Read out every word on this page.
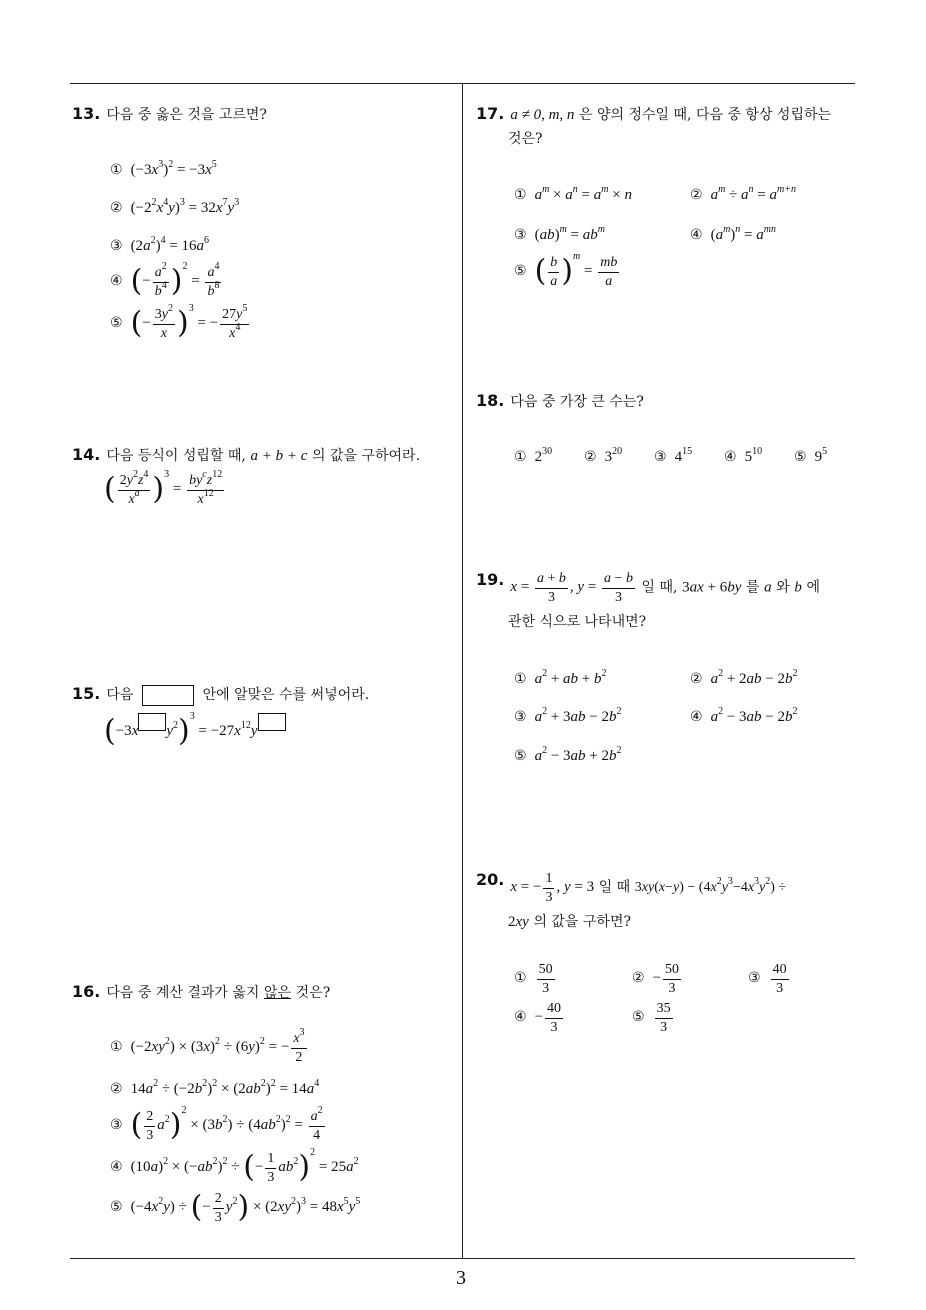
13. 다음 중 옳은 것을 고르면?
① $(-3x^3)^2 = -3x^5$
② $(-2^2x^4y)^3 = 32x^7y^3$
③ $(2a^2)^4 = 16a^6$
④ (− $\frac{a^2}{b^4} )^2 = \frac{a^4}{b^8}$
⑤ (− $\frac{3y^2}{x} )^3$ = − $\frac{27y^5}{x^4}$
14. 다음 등식이 성립할 때, a + b + c 의 값을 구하여라.
( $\frac{2y^2z^4}{x^a} )^3 = \frac{by^cz^{12}}{x^{12}}$
15. 다음	안에 알맞은 수를 써넣어라.
(−3x $y^2)^3 = -27x^{12}y$
16. 다음 중 계산 결과가 옳지 않은 것은?
① $(-2xy^2) \times (3x)^2 \div (6y)^2$ = − $\frac{x^3}{2}$
② $14a^2 \div (-2b^2)^2 \times (2ab^2)^2 = 14a^4$
③ ( $\frac{2}{3} a^2)^2 \times (3b^2) \div (4ab^2)^2 = \frac{a^2}{4}$
④ $(10a)^2 \times (-ab^2)^2$ ÷ (− $\frac{1}{3} ab^2)^2 = 25a^2$
⑤ $(-4x^2y)$ ÷ (− $\frac{2}{3} y^2) \times (2xy^2)^3 = 48x^5y^5$
17. a ≠ 0, m, n 은 양의 정수일 때, 다음 중 항상 성립하는
것은?
① $a^m \times a^n = a^m \times n$	② $a^m \div a^n = a^{m+n}$
③ $(ab)^m = ab^m$	④ $(a^m)^n = a^{mn}$
⑤ ( $\frac{b}{a} )^m = \frac{mb}{a}$
18. 다음 중 가장 큰 수는?
① $2^{30}$ ② $3^{20}$ ③ $4^{15}$ ④ $5^{10}$ ⑤ $9^5$
19. $x = \frac{a + b}{3}$ , $y = \frac{a - b}{3}$ 일 때, 3ax + 6by 를 a 와 b 에
관한 식으로 나타내면?
① $a^2$ + ab + $b^2$	② $a^2 + 2ab - 2b^2$
③ $a^2 + 3ab - 2b^2$	④ $a^2 - 3ab - 2b^2$
⑤ $a^2 - 3ab + 2b^2$
20. x = − $\frac{1}{3}$ , y = 3 일 때 $3xy(x-y) - (4x^2y^3-4x^3y^2)$ ÷
2xy 의 값을 구하면?
① $\frac{50}{3}$	② − $\frac{50}{3}$	③ $\frac{40}{3}$
④ − $\frac{40}{3}$	⑤ $\frac{35}{3}$
3
